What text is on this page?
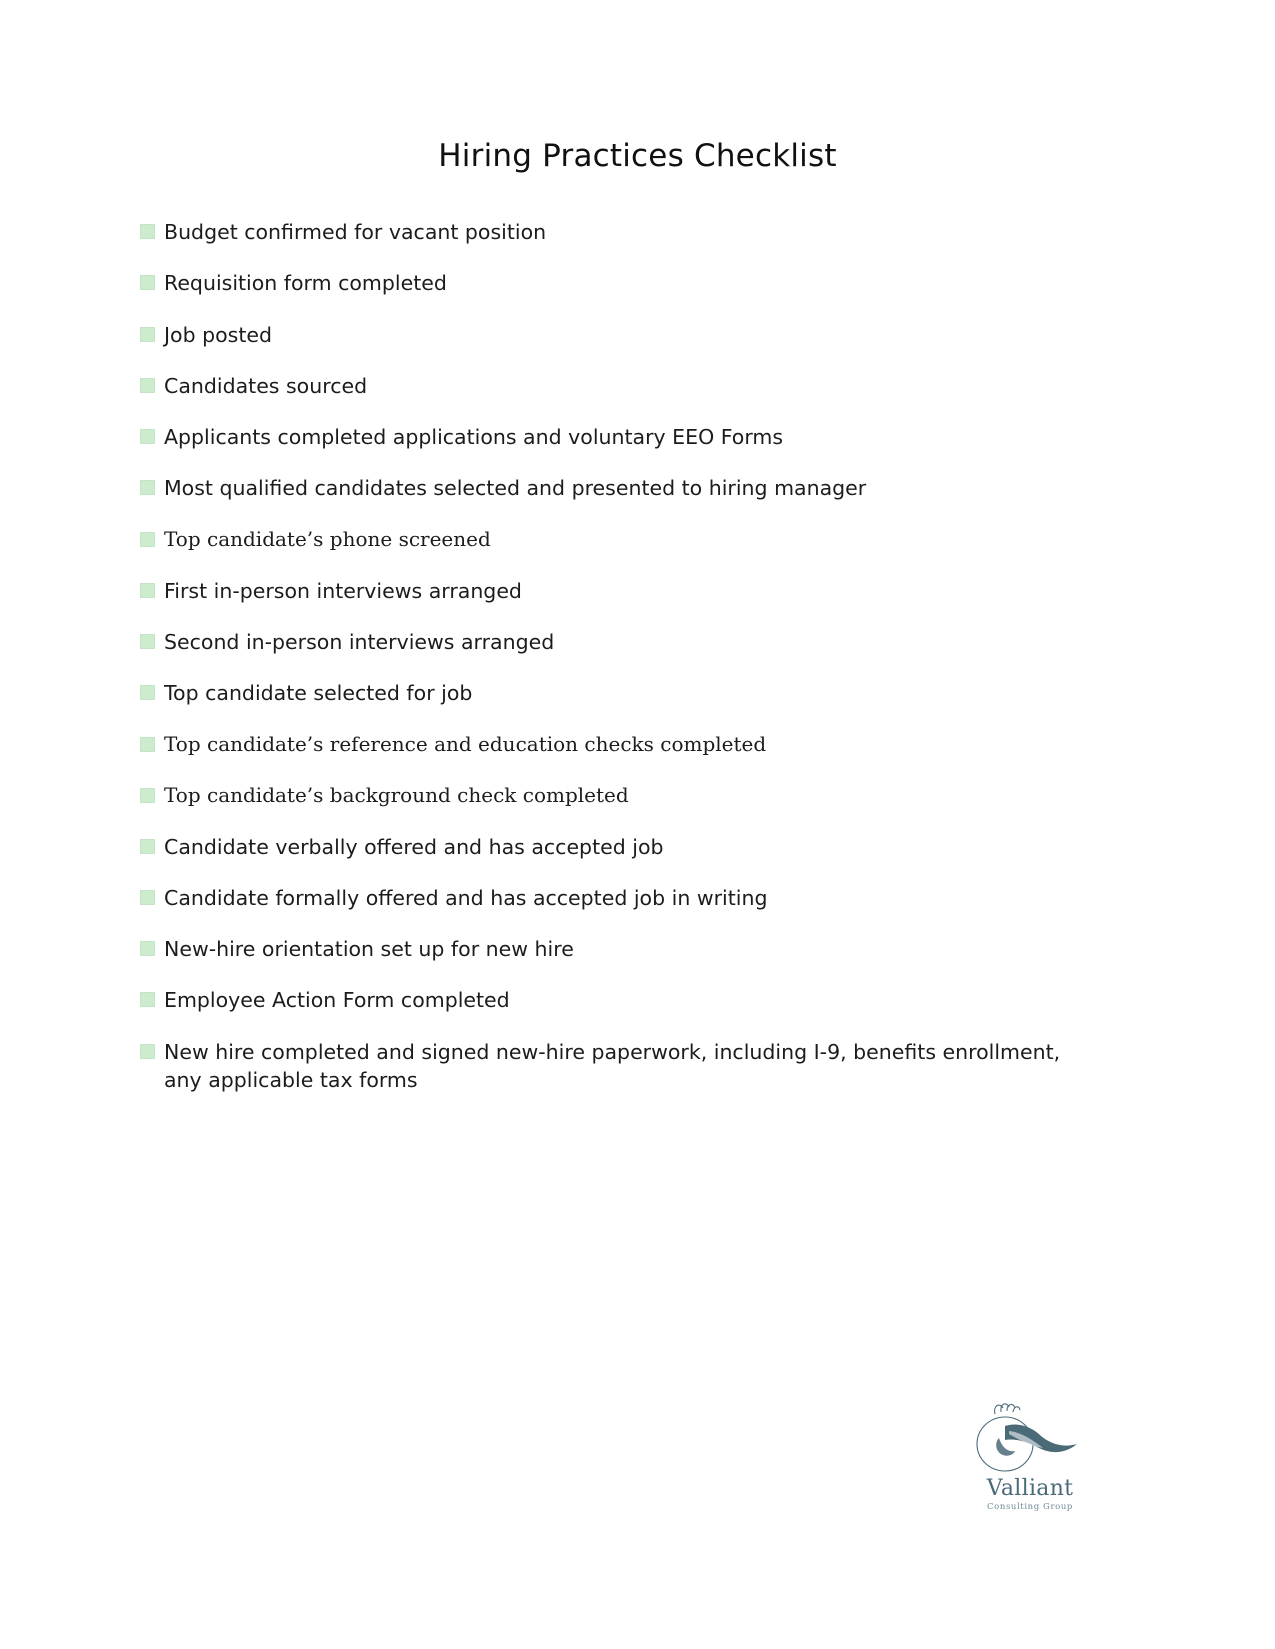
Hiring Practices Checklist
Budget confirmed for vacant position
Requisition form completed
Job posted
Candidates sourced
Applicants completed applications and voluntary EEO Forms
Most qualified candidates selected and presented to hiring manager
Top candidate’s phone screened
First in-person interviews arranged
Second in-person interviews arranged
Top candidate selected for job
Top candidate’s reference and education checks completed
Top candidate’s background check completed
Candidate verbally offered and has accepted job
Candidate formally offered and has accepted job in writing
New-hire orientation set up for new hire
Employee Action Form completed
New hire completed and signed new-hire paperwork, including I-9, benefits enrollment, any applicable tax forms
Valliant
Consulting Group
